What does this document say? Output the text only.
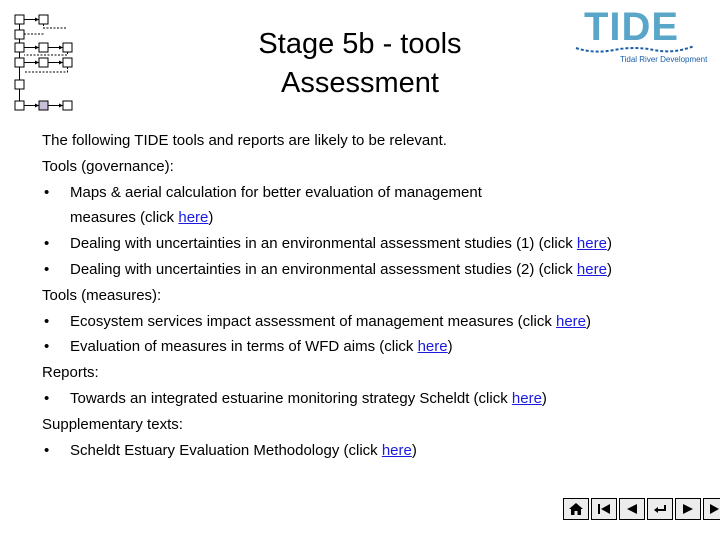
Stage 5b - tools
Assessment
TIDE
Tidal River Development
The following TIDE tools and reports are likely to be relevant.
Tools (governance):
• Maps & aerial calculation for better evaluation of management
measures (click here)
• Dealing with uncertainties in an environmental assessment studies (1) (click here)
• Dealing with uncertainties in an environmental assessment studies (2) (click here)
Tools (measures):
• Ecosystem services impact assessment of management measures (click here)
• Evaluation of measures in terms of WFD aims (click here)
Reports:
• Towards an integrated estuarine monitoring strategy Scheldt (click here)
Supplementary texts:
• Scheldt Estuary Evaluation Methodology (click here)
